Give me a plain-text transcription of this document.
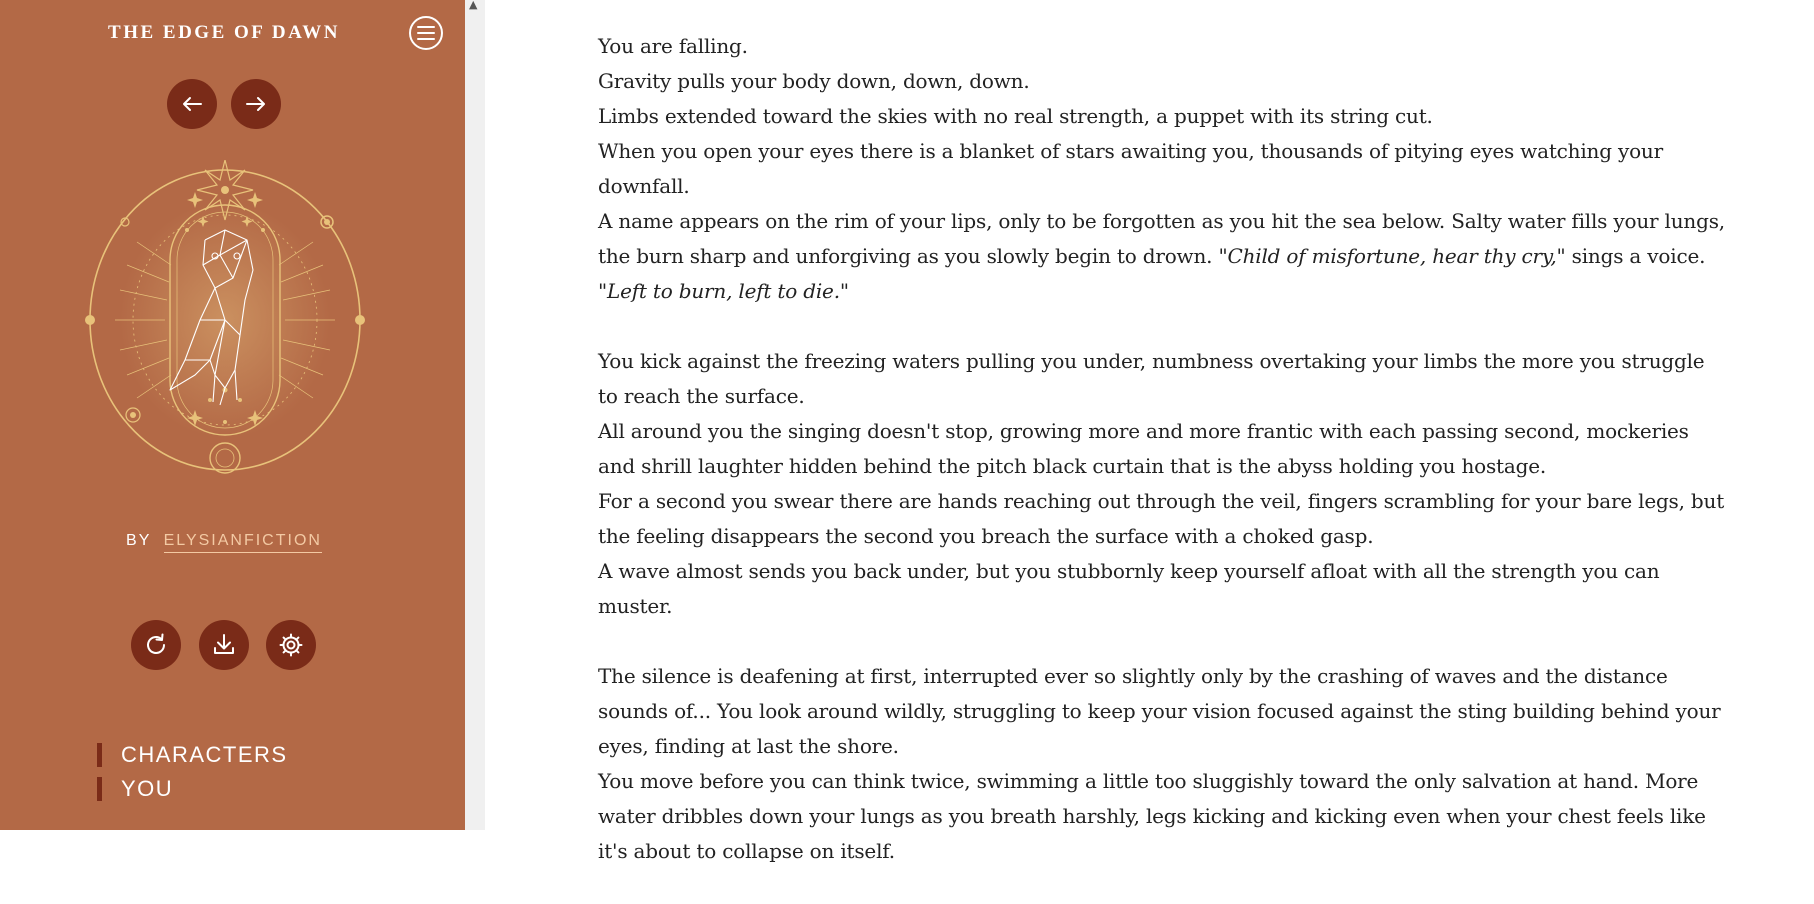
THE EDGE OF DAWN
BY ELYSIANFICTION
CHARACTERS
YOU
▲

You are falling.
Gravity pulls your body down, down, down.
Limbs extended toward the skies with no real strength, a puppet with its string cut.
When you open your eyes there is a blanket of stars awaiting you, thousands of pitying eyes watching your downfall.
A name appears on the rim of your lips, only to be forgotten as you hit the sea below. Salty water fills your lungs, the burn sharp and unforgiving as you slowly begin to drown. "Child of misfortune, hear thy cry," sings a voice. "Left to burn, left to die."

You kick against the freezing waters pulling you under, numbness overtaking your limbs the more you struggle to reach the surface.
All around you the singing doesn't stop, growing more and more frantic with each passing second, mockeries and shrill laughter hidden behind the pitch black curtain that is the abyss holding you hostage.
For a second you swear there are hands reaching out through the veil, fingers scrambling for your bare legs, but the feeling disappears the second you breach the surface with a choked gasp.
A wave almost sends you back under, but you stubbornly keep yourself afloat with all the strength you can muster.

The silence is deafening at first, interrupted ever so slightly only by the crashing of waves and the distance sounds of... You look around wildly, struggling to keep your vision focused against the sting building behind your eyes, finding at last the shore.
You move before you can think twice, swimming a little too sluggishly toward the only salvation at hand. More water dribbles down your lungs as you breath harshly, legs kicking and kicking even when your chest feels like it's about to collapse on itself.
